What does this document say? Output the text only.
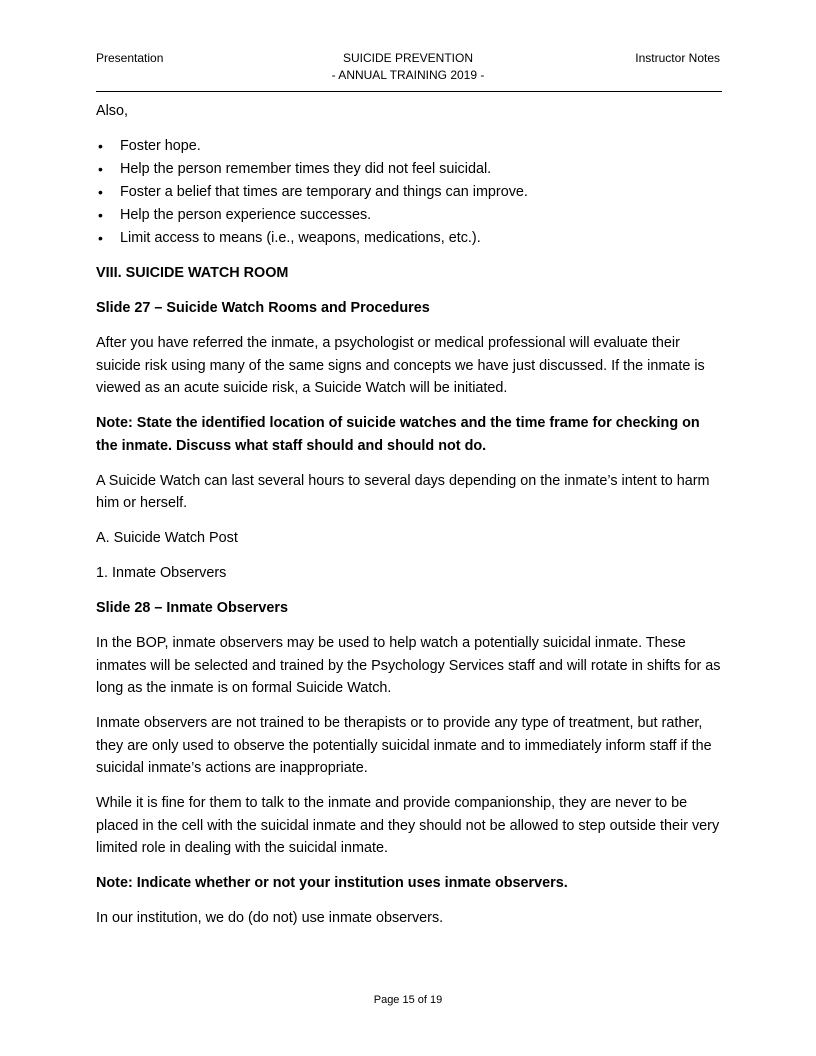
Presentation	SUICIDE PREVENTION
- ANNUAL TRAINING 2019 -
Instructor Notes

Also,

• Foster hope.
• Help the person remember times they did not feel suicidal.
• Foster a belief that times are temporary and things can improve.
• Help the person experience successes.
• Limit access to means (i.e., weapons, medications, etc.).

VIII. SUICIDE WATCH ROOM

Slide 27 – Suicide Watch Rooms and Procedures

After you have referred the inmate, a psychologist or medical professional will evaluate their suicide risk using many of the same signs and concepts we have just discussed. If the inmate is viewed as an acute suicide risk, a Suicide Watch will be initiated.

Note: State the identified location of suicide watches and the time frame for checking on the inmate. Discuss what staff should and should not do.

A Suicide Watch can last several hours to several days depending on the inmate’s intent to harm him or herself.

A. Suicide Watch Post

1. Inmate Observers

Slide 28 – Inmate Observers

In the BOP, inmate observers may be used to help watch a potentially suicidal inmate. These inmates will be selected and trained by the Psychology Services staff and will rotate in shifts for as long as the inmate is on formal Suicide Watch.

Inmate observers are not trained to be therapists or to provide any type of treatment, but rather, they are only used to observe the potentially suicidal inmate and to immediately inform staff if the suicidal inmate’s actions are inappropriate.

While it is fine for them to talk to the inmate and provide companionship, they are never to be placed in the cell with the suicidal inmate and they should not be allowed to step outside their very limited role in dealing with the suicidal inmate.

Note: Indicate whether or not your institution uses inmate observers.

In our institution, we do (do not) use inmate observers.

Page 15 of 19
